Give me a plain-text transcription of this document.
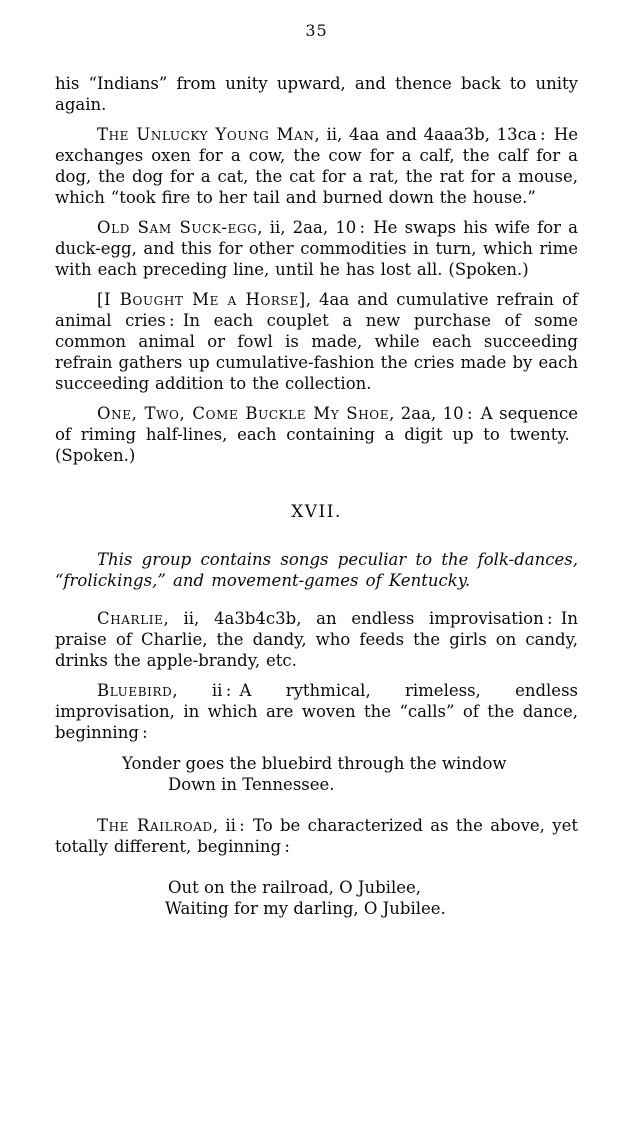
35

his “Indians” from unity upward, and thence back to unity again.

The Unlucky Young Man, ii, 4aa and 4aaa3b, 13ca : He exchanges oxen for a cow, the cow for a calf, the calf for a dog, the dog for a cat, the cat for a rat, the rat for a mouse, which “took fire to her tail and burned down the house.”

Old Sam Suck-egg, ii, 2aa, 10 : He swaps his wife for a duck-egg, and this for other commodities in turn, which rime with each preceding line, until he has lost all. (Spoken.)

[I Bought Me a Horse], 4aa and cumulative refrain of animal cries : In each couplet a new purchase of some common animal or fowl is made, while each succeeding refrain gathers up cumulative-fashion the cries made by each succeeding addition to the collection.

One, Two, Come Buckle My Shoe, 2aa, 10 : A sequence of riming half-lines, each containing a digit up to twenty. (Spoken.)

XVII.

This group contains songs peculiar to the folk-dances, “frolickings,” and movement-games of Kentucky.

Charlie, ii, 4a3b4c3b, an endless improvisation : In praise of Charlie, the dandy, who feeds the girls on candy, drinks the apple-brandy, etc.

Bluebird, ii : A rythmical, rimeless, endless improvisation, in which are woven the “calls” of the dance, beginning :

Yonder goes the bluebird through the window
Down in Tennessee.

The Railroad, ii : To be characterized as the above, yet totally different, beginning :

Out on the railroad, O Jubilee,
Waiting for my darling, O Jubilee.
